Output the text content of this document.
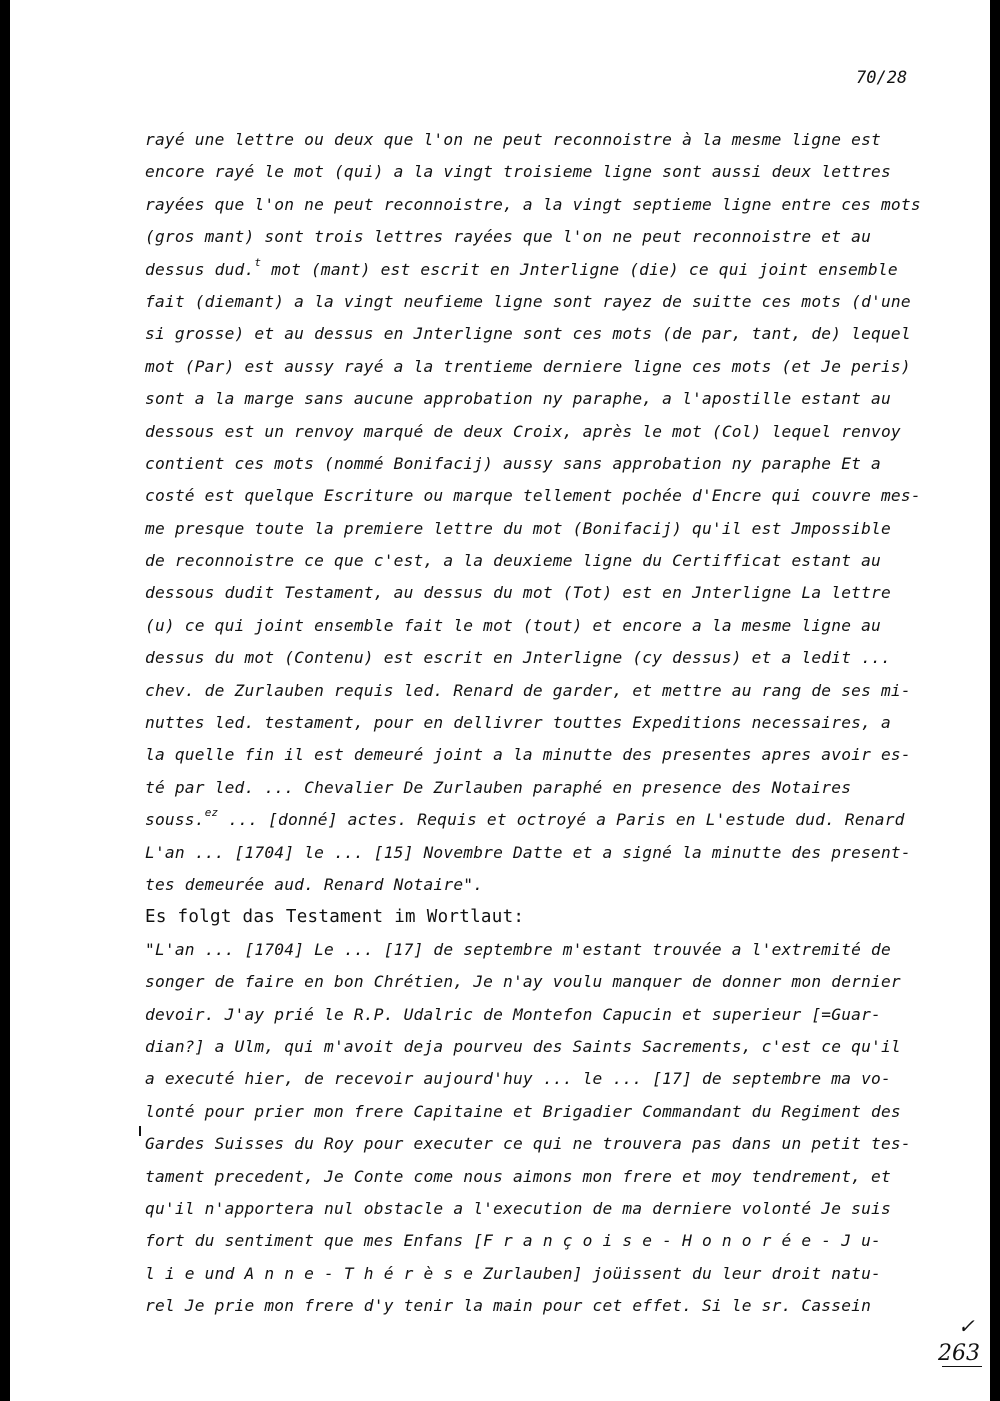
70/28
rayé une lettre ou deux que l'on ne peut reconnoistre à la mesme ligne est
encore rayé le mot (qui) a la vingt troisieme ligne sont aussi deux lettres
rayées que l'on ne peut reconnoistre, a la vingt septieme ligne entre ces mots
(gros mant) sont trois lettres rayées que l'on ne peut reconnoistre et au
dessus dud.$^t$ mot (mant) est escrit en Jnterligne (die) ce qui joint ensemble
fait (diemant) a la vingt neufieme ligne sont rayez de suitte ces mots (d'une
si grosse) et au dessus en Jnterligne sont ces mots (de par, tant, de) lequel
mot (Par) est aussy rayé a la trentieme derniere ligne ces mots (et Je peris)
sont a la marge sans aucune approbation ny paraphe, a l'apostille estant au
dessous est un renvoy marqué de deux Croix, après le mot (Col) lequel renvoy
contient ces mots (nommé Bonifacij) aussy sans approbation ny paraphe Et a
costé est quelque Escriture ou marque tellement pochée d'Encre qui couvre mes-
me presque toute la premiere lettre du mot (Bonifacij) qu'il est Jmpossible
de reconnoistre ce que c'est, a la deuxieme ligne du Certifficat estant au
dessous dudit Testament, au dessus du mot (Tot) est en Jnterligne La lettre
(u) ce qui joint ensemble fait le mot (tout) et encore a la mesme ligne au
dessus du mot (Contenu) est escrit en Jnterligne (cy dessus) et a ledit ...
chev. de Zurlauben requis led. Renard de garder, et mettre au rang de ses mi-
nuttes led. testament, pour en dellivrer touttes Expeditions necessaires, a
la quelle fin il est demeuré joint a la minutte des presentes apres avoir es-
té par led. ... Chevalier De Zurlauben paraphé en presence des Notaires
souss.$^{ez}$ ... [donné] actes. Requis et octroyé a Paris en L'estude dud. Renard
L'an ... [1704] le ... [15] Novembre Datte et a signé la minutte des present-
tes demeurée aud. Renard Notaire".
Es folgt das Testament im Wortlaut:
"L'an ... [1704] Le ... [17] de septembre m'estant trouvée a l'extremité de
songer de faire en bon Chrétien, Je n'ay voulu manquer de donner mon dernier
devoir. J'ay prié le R.P. Udalric de Montefon Capucin et superieur [=Guar-
dian?] a Ulm, qui m'avoit deja pourveu des Saints Sacrements, c'est ce qu'il
a executé hier, de recevoir aujourd'huy ... le ... [17] de septembre ma vo-
lonté pour prier mon frere Capitaine et Brigadier Commandant du Regiment des
Gardes Suisses du Roy pour executer ce qui ne trouvera pas dans un petit tes-
tament precedent, Je Conte come nous aimons mon frere et moy tendrement, et
qu'il n'apportera nul obstacle a l'execution de ma derniere volonté Je suis
fort du sentiment que mes Enfans [F r a n ç o i s e - H o n o r é e - J u-
l i e und A n n e - T h é r è s e Zurlauben] joüissent du leur droit natu-
rel Je prie mon frere d'y tenir la main pour cet effet. Si le sr. Cassein
✓
263
